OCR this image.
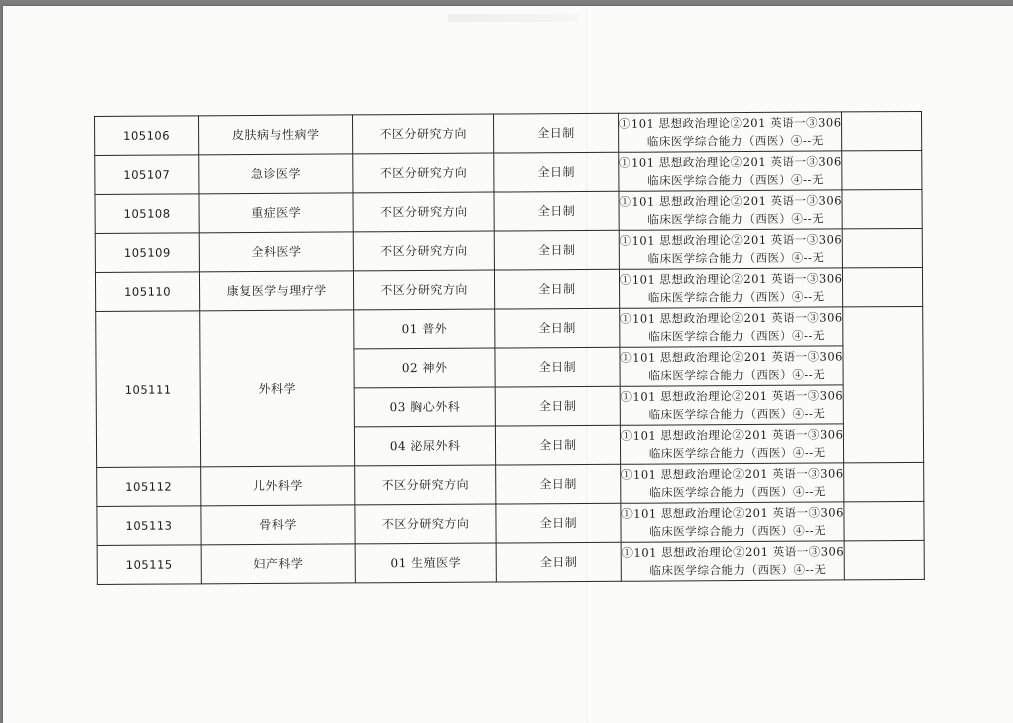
105106	皮肤病与性病学	不区分研究方向	全日制	①101 思想政治理论②201 英语一③306
临床医学综合能力（西医）④--无	

105107	急诊医学	不区分研究方向	全日制	①101 思想政治理论②201 英语一③306
临床医学综合能力（西医）④--无	

105108	重症医学	不区分研究方向	全日制	①101 思想政治理论②201 英语一③306
临床医学综合能力（西医）④--无	

105109	全科医学	不区分研究方向	全日制	①101 思想政治理论②201 英语一③306
临床医学综合能力（西医）④--无	

105110	康复医学与理疗学	不区分研究方向	全日制	①101 思想政治理论②201 英语一③306
临床医学综合能力（西医）④--无	

105111	外科学	01 普外	全日制	①101 思想政治理论②201 英语一③306
临床医学综合能力（西医）④--无	

		02 神外	全日制	①101 思想政治理论②201 英语一③306
临床医学综合能力（西医）④--无	

		03 胸心外科	全日制	①101 思想政治理论②201 英语一③306
临床医学综合能力（西医）④--无	

		04 泌尿外科	全日制	①101 思想政治理论②201 英语一③306
临床医学综合能力（西医）④--无	

105112	儿外科学	不区分研究方向	全日制	①101 思想政治理论②201 英语一③306
临床医学综合能力（西医）④--无	

105113	骨科学	不区分研究方向	全日制	①101 思想政治理论②201 英语一③306
临床医学综合能力（西医）④--无	

105115	妇产科学	01 生殖医学	全日制	①101 思想政治理论②201 英语一③306
临床医学综合能力（西医）④--无	
